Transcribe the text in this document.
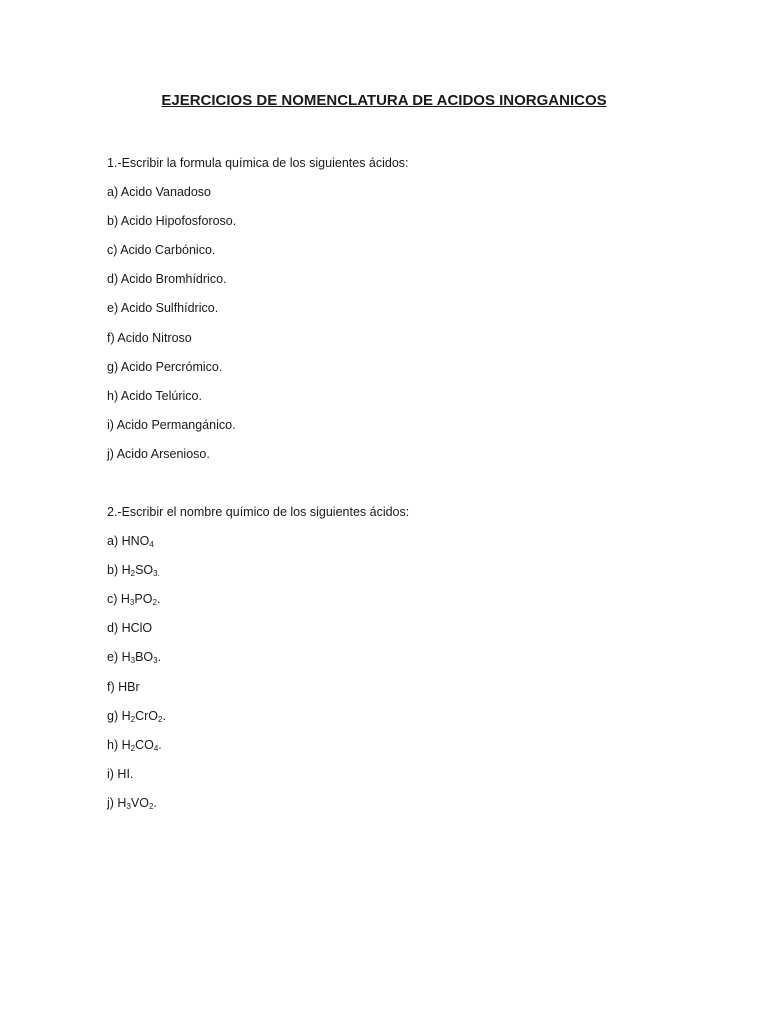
EJERCICIOS DE NOMENCLATURA DE ACIDOS INORGANICOS
1.-Escribir la formula química de los siguientes ácidos:
a) Acido Vanadoso
b) Acido Hipofosforoso.
c) Acido Carbónico.
d) Acido Bromhídrico.
e) Acido Sulfhídrico.
f) Acido Nitroso
g) Acido Percrómico.
h) Acido Telúrico.
i) Acido Permangánico.
j) Acido Arsenioso.
2.-Escribir el nombre químico de los siguientes ácidos:
a) $HNO_4$
b) $H_2SO_{3.}$
c) $H_3PO_2$.
d) HClO
e) $H_3BO_3$.
f) HBr
g) $H_2CrO_2$.
h) $H_2CO_4$.
i) HI.
j) $H_3VO_2$.
